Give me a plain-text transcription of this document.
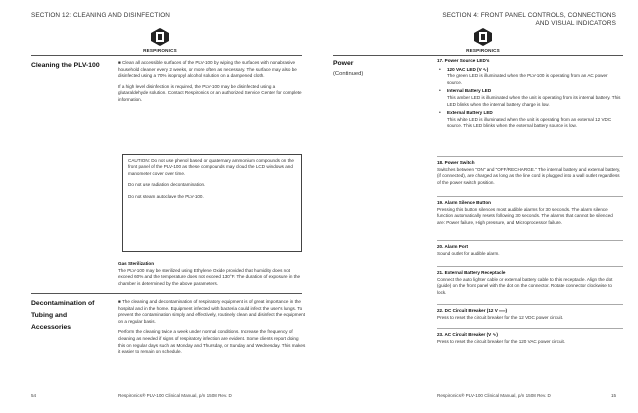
SECTION 12: CLEANING AND DISINFECTION
RESPIRONICS
Cleaning the PLV-100	■ Clean all accessible surfaces of the PLV-100 by wiping the surfaces with nonabrasive household cleaner every 2 weeks, or more often as necessary. The surface may also be disinfected using a 70% isopropyl alcohol solution on a dampened cloth.

If a high level disinfection is required, the PLV-100 may be disinfected using a glutaraldehyde solution. Contact Respironics or an authorized Service Center for complete information.

CAUTION: Do not use phenol based or quaternary ammonium compounds on the front panel of the PLV-100 as these compounds may cloud the LCD windows and manometer cover over time.

Do not use radiation decontamination.

Do not steam autoclave the PLV-100.

Gas Sterilization
The PLV-100 may be sterilized using Ethylene Oxide provided that humidity does not exceed 60% and the temperature does not exceed 130°F. The duration of exposure in the chamber is determined by the above parameters.
Decontamination of
Tubing and
Accessories

■ The cleaning and decontamination of respiratory equipment is of great importance in the hospital and in the home. Equipment infected with bacteria could infect the user's lungs. To prevent the contamination simply and effectively, routinely clean and disinfect the equipment on a regular basis.

Perform the cleaning twice a week under normal conditions. Increase the frequency of cleaning as needed if signs of respiratory infection are evident. Some clients report doing this on regular days such as Monday and Thursday, or Sunday and Wednesday. This makes it easier to remain on schedule.

54	Respironics® PLV-100 Clinical Manual, p/n 1508 Rev. D
SECTION 4: FRONT PANEL CONTROLS, CONNECTIONS
AND VISUAL INDICATORS
RESPIRONICS
Power
(Continued)
17. Power Source LED's
• 120 VAC LED (V ∿)
The green LED is illuminated when the PLV-100 is operating from an AC power source.
• Internal Battery LED
This amber LED is illuminated when the unit is operating from its internal battery. This LED blinks when the internal battery charge is low.
• External Battery LED
This white LED is illuminated when the unit is operating from an external 12 VDC source. This LED blinks when the external battery source is low.
18. Power Switch
Switches between "ON" and "OFF/RECHARGE." The internal battery and external battery, (if connected), are charged as long as the line cord is plugged into a wall outlet regardless of the power switch position.
19. Alarm Silence Button
Pressing this button silences most audible alarms for 30 seconds. The alarm silence function automatically resets following 30 seconds. The alarms that cannot be silenced are: Power failure, High pressure, and Microprocessor failure.
20. Alarm Port
Sound outlet for audible alarm.
21. External Battery Receptacle
Connect the auto lighter cable or external battery cable to this receptacle. Align the dot (guide) on the front panel with the dot on the connector. Rotate connector clockwise to lock.
22. DC Circuit Breaker (12 V ══)
Press to reset the circuit breaker for the 12 VDC power circuit.
23. AC Circuit Breaker (V ∿)
Press to reset the circuit breaker for the 120 VAC power circuit.
Respironics® PLV-100 Clinical Manual, p/n 1508 Rev. D	15
